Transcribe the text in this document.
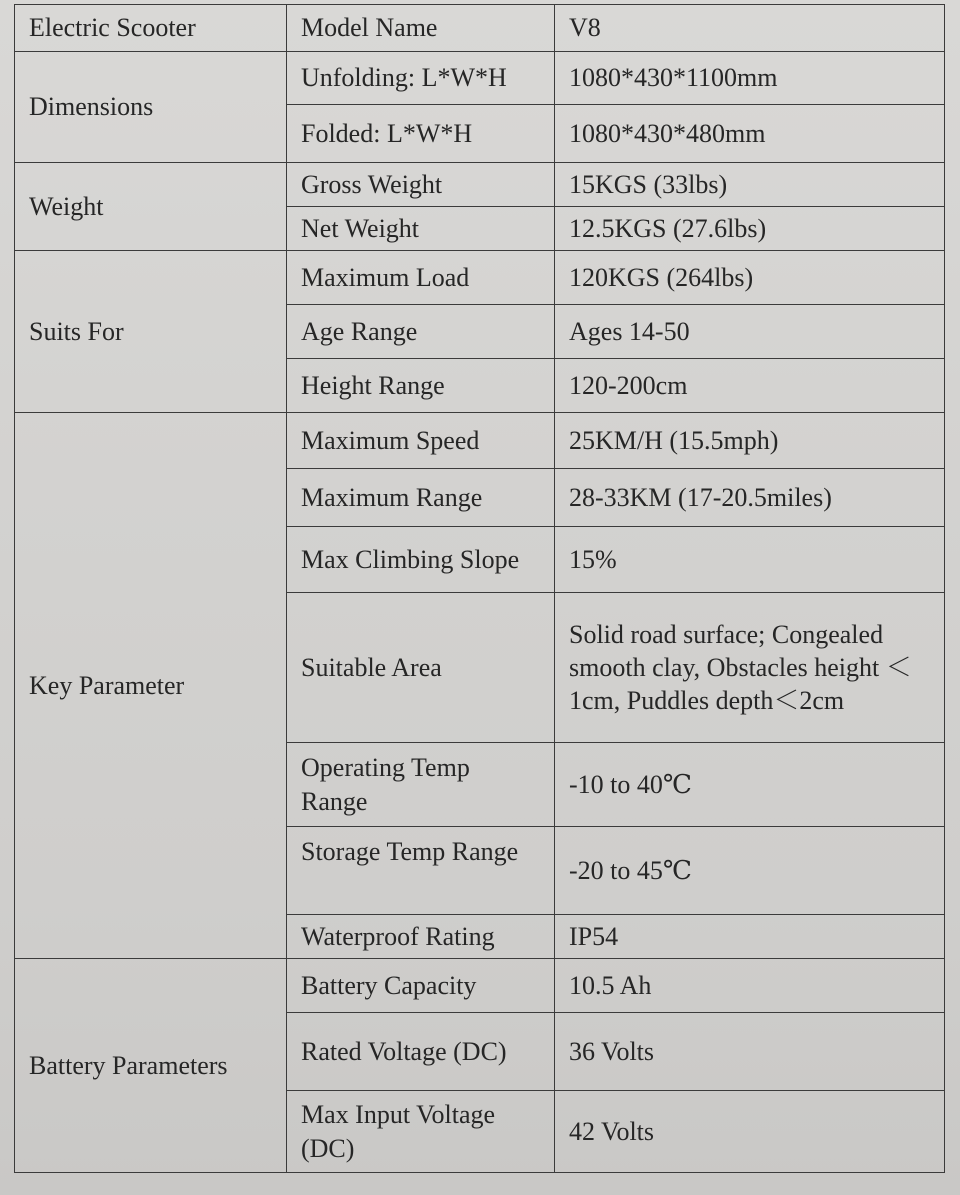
Electric Scooter	Model Name	V8
Dimensions	Unfolding: L*W*H	1080*430*1100mm
	Folded: L*W*H	1080*430*480mm
Weight	Gross Weight	15KGS (33lbs)
	Net Weight	12.5KGS (27.6lbs)
Suits For	Maximum Load	120KGS (264lbs)
	Age Range	Ages 14-50
	Height Range	120-200cm
Key Parameter	Maximum Speed	25KM/H (15.5mph)
	Maximum Range	28-33KM (17-20.5miles)
	Max Climbing Slope	15%
	Suitable Area	Solid road surface; Congealed smooth clay, Obstacles height ＜1cm, Puddles depth＜2cm
	Operating Temp Range	-10 to 40℃
	Storage Temp Range	-20 to 45℃
	Waterproof Rating	IP54
Battery Parameters	Battery Capacity	10.5 Ah
	Rated Voltage (DC)	36 Volts
	Max Input Voltage (DC)	42 Volts
